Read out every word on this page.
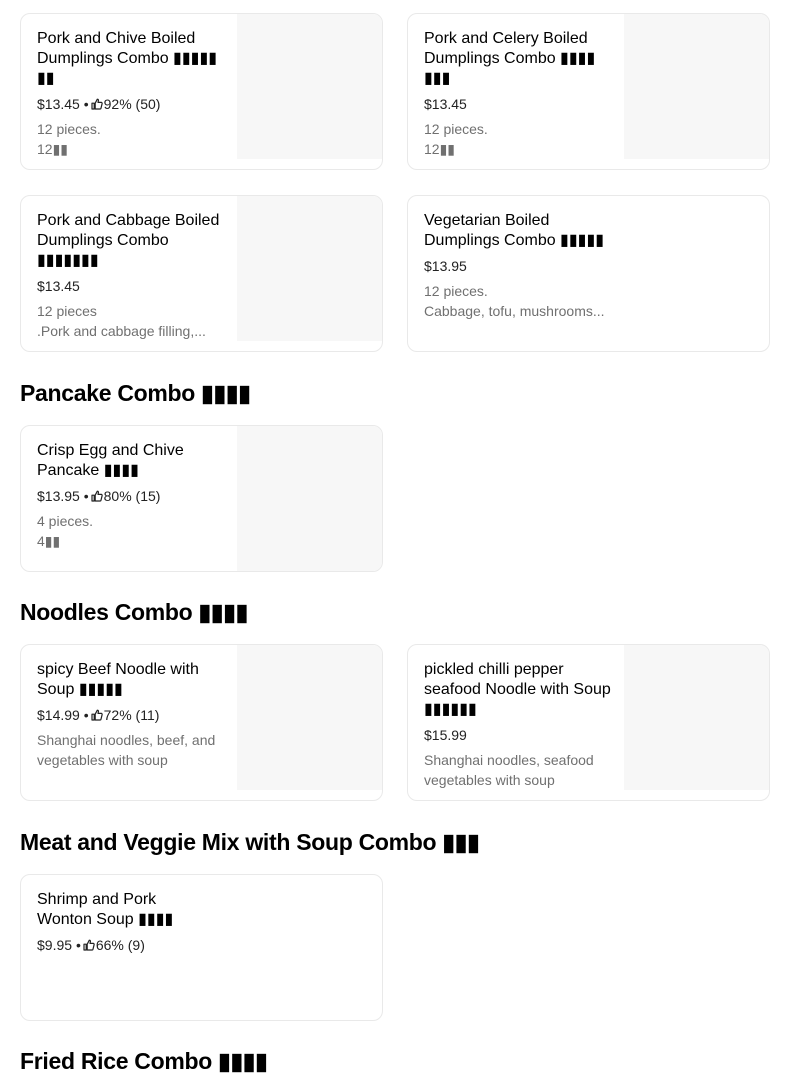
Pork and Chive Boiled Dumplings Combo ▮▮▮▮▮ ▮▮
$13.45 • 92% (50)
12 pieces.
12▮▮
Pork and Celery Boiled Dumplings Combo ▮▮▮▮ ▮▮▮
$13.45
12 pieces.
12▮▮
Pork and Cabbage Boiled Dumplings Combo ▮▮▮▮▮▮▮
$13.45
12 pieces
.Pork and cabbage filling,...
Vegetarian Boiled Dumplings Combo ▮▮▮▮▮
$13.95
12 pieces.
Cabbage, tofu, mushrooms...
Pancake Combo ▮▮▮▮
Crisp Egg and Chive Pancake ▮▮▮▮
$13.95 • 80% (15)
4 pieces.
4▮▮
Noodles Combo ▮▮▮▮
spicy Beef Noodle with Soup ▮▮▮▮▮
$14.99 • 72% (11)
Shanghai noodles, beef, and vegetables with soup
pickled chilli pepper seafood Noodle with Soup ▮▮▮▮▮▮
$15.99
Shanghai noodles, seafood vegetables with soup
Meat and Veggie Mix with Soup Combo ▮▮▮
Shrimp and Pork Wonton Soup ▮▮▮▮
$9.95 • 66% (9)
Fried Rice Combo ▮▮▮▮
